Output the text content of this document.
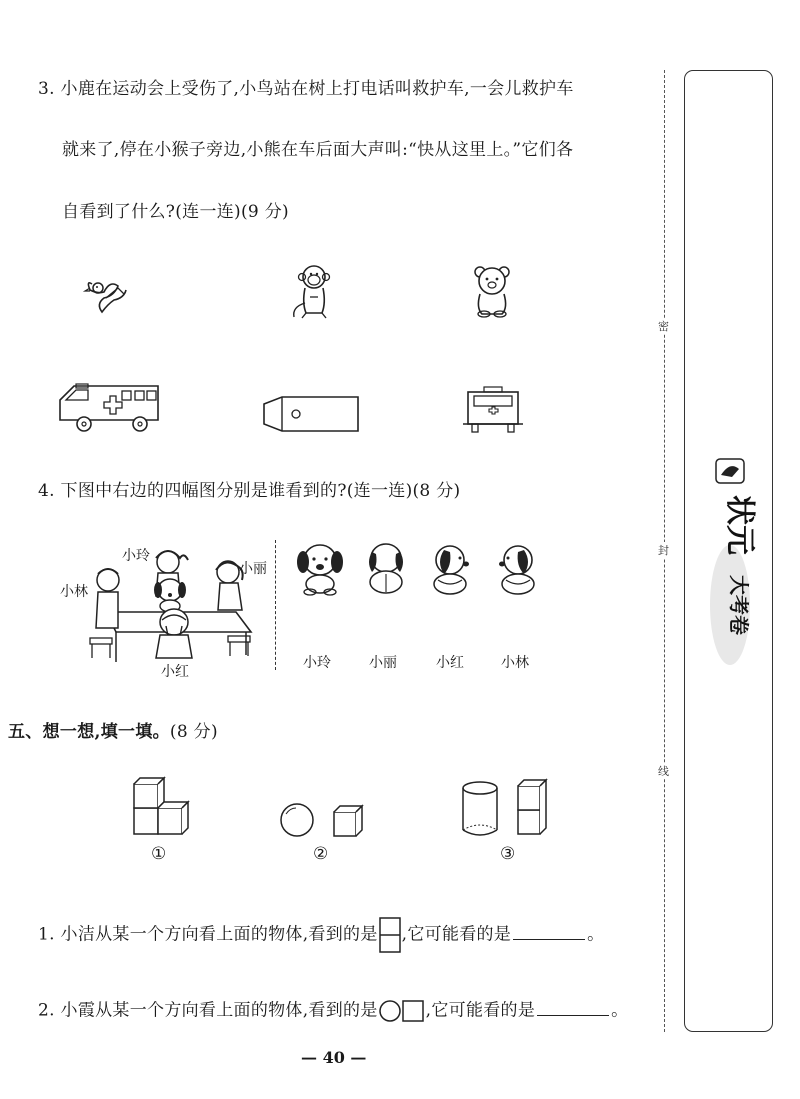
3. 小鹿在运动会上受伤了,小鸟站在树上打电话叫救护车,一会儿救护车
就来了,停在小猴子旁边,小熊在车后面大声叫:“快从这里上。”它们各
自看到了什么?(连一连)(9 分)
4. 下图中右边的四幅图分别是谁看到的?(连一连)(8 分)
小玲
小丽
小林
小红
小玲	小丽	小红	小林
五、想一想,填一填。(8 分)
①	②	③
1. 小洁从某一个方向看上面的物体,看到的是 ,它可能看的是	。
2. 小霞从某一个方向看上面的物体,看到的是	,它可能看的是	。
— 40 —
密
封
线
状元
大考卷
